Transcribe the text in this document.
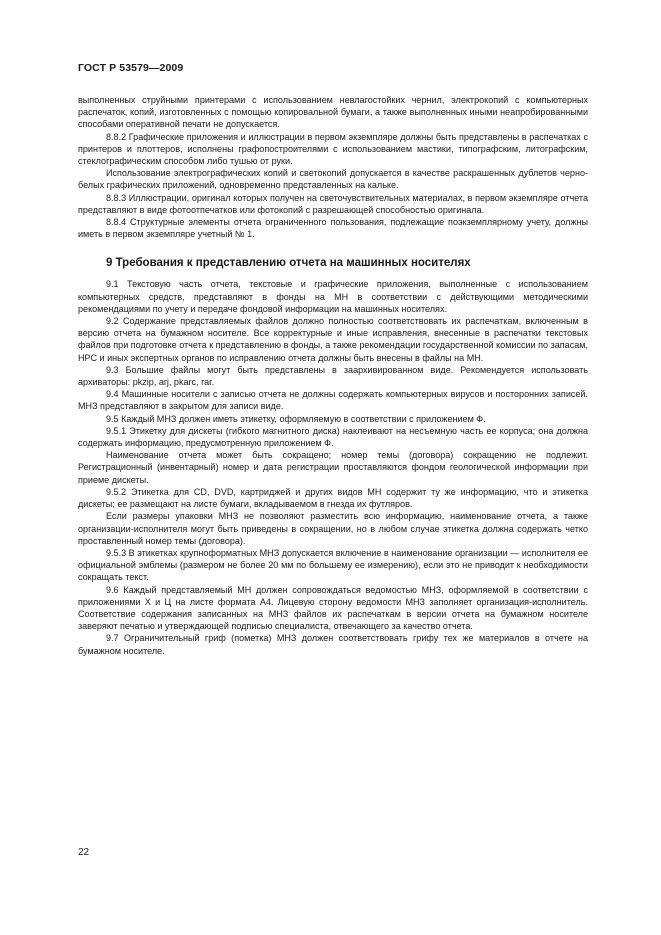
ГОСТ Р 53579—2009

выполненных струйными принтерами с использованием невлагостойких чернил, электрокопий с компьютерных распечаток, копий, изготовленных с помощью копировальной бумаги, а также выполненных иными неапробированными способами оперативной печати не допускается.

8.8.2 Графические приложения и иллюстрации в первом экземпляре должны быть представлены в распечатках с принтеров и плоттеров, исполнены графопостроителями с использованием мастики, типографским, литографским, стеклографическим способом либо тушью от руки.

Использование электрографических копий и светокопий допускается в качестве раскрашенных дублетов черно-белых графических приложений, одновременно представленных на кальке.

8.8.3 Иллюстрации, оригинал которых получен на светочувствительных материалах, в первом экземпляре отчета представляют в виде фотоотпечатков или фотокопий с разрешающей способностью оригинала.

8.8.4 Структурные элементы отчета ограниченного пользования, подлежащие поэкземплярному учету, должны иметь в первом экземпляре учетный № 1.

9 Требования к представлению отчета на машинных носителях

9.1 Текстовую часть отчета, текстовые и графические приложения, выполненные с использованием компьютерных средств, представляют в фонды на МН в соответствии с действующими методическими рекомендациями по учету и передаче фондовой информации на машинных носителях.

9.2 Содержание представляемых файлов должно полностью соответствовать их распечаткам, включенным в версию отчета на бумажном носителе. Все корректурные и иные исправления, внесенные в распечатки текстовых файлов при подготовке отчета к представлению в фонды, а также рекомендации государственной комиссии по запасам, НРС и иных экспертных органов по исправлению отчета должны быть внесены в файлы на МН.

9.3 Большие файлы могут быть представлены в заархивированном виде. Рекомендуется использовать архиваторы: pkzip, arj, pkarc, rar.

9.4 Машинные носители с записью отчета не должны содержать компьютерных вирусов и посторонних записей. МНЗ представляют в закрытом для записи виде.

9.5 Каждый МНЗ должен иметь этикетку, оформляемую в соответствии с приложением Ф.

9.5.1 Этикетку для дискеты (гибкого магнитного диска) наклеивают на несъемную часть ее корпуса; она должна содержать информацию, предусмотренную приложением Ф.

Наименование отчета может быть сокращено; номер темы (договора) сокращению не подлежит. Регистрационный (инвентарный) номер и дата регистрации проставляются фондом геологической информации при приеме дискеты.

9.5.2 Этикетка для CD, DVD, картриджей и других видов МН содержит ту же информацию, что и этикетка дискеты; ее размещают на листе бумаги, вкладываемом в гнезда их футляров.

Если размеры упаковки МНЗ не позволяют разместить всю информацию, наименование отчета, а также организации-исполнителя могут быть приведены в сокращении, но в любом случае этикетка должна содержать четко проставленный номер темы (договора).

9.5.3 В этикетках крупноформатных МНЗ допускается включение в наименование организации — исполнителя ее официальной эмблемы (размером не более 20 мм по большему ее измерению), если это не приводит к необходимости сокращать текст.

9.6 Каждый представляемый МН должен сопровождаться ведомостью МНЗ, оформляемой в соответствии с приложениями Х и Ц на листе формата А4. Лицевую сторону ведомости МНЗ заполняет организация-исполнитель. Соответствие содержания записанных на МНЗ файлов их распечаткам в версии отчета на бумажном носителе заверяют печатью и утверждающей подписью специалиста, отвечающего за качество отчета.

9.7 Ограничительный гриф (пометка) МНЗ должен соответствовать грифу тех же материалов в отчете на бумажном носителе.

22
